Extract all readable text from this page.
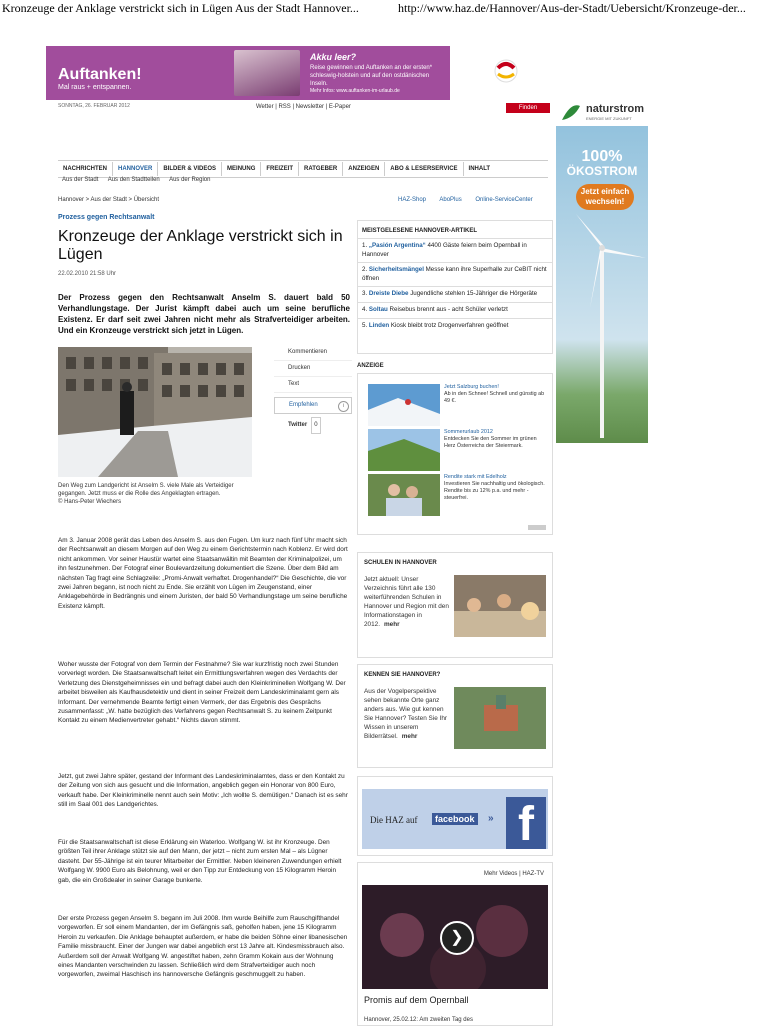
Kronzeuge der Anklage verstrickt sich in Lügen Aus der Stadt Hannover...	http://www.haz.de/Hannover/Aus-der-Stadt/Uebersicht/Kronzeuge-der...
Auftanken!
Mal raus + entspannen.
Akku leer?
Reise gewinnen und Auftanken an der ersten* schleswig-holstein und auf den ostdänischen Inseln.
Mehr Infos: www.auftanken-im-urlaub.de
SONNTAG, 26. FEBRUAR 2012	Wetter | RSS | Newsletter | E-Paper	Finden
NACHRICHTEN	HANNOVER	BILDER & VIDEOS	MEINUNG	FREIZEIT	RATGEBER	ANZEIGEN	ABO & LESERSERVICE	INHALT
Aus der Stadt Aus den Stadtteilen Aus der Region
Hannover > Aus der Stadt > Übersicht	HAZ-Shop AboPlus Online-ServiceCenter
Prozess gegen Rechtsanwalt
Kronzeuge der Anklage verstrickt sich in Lügen
22.02.2010 21:58 Uhr
Der Prozess gegen den Rechtsanwalt Anselm S. dauert bald 50 Verhandlungstage. Der Jurist kämpft dabei auch um seine berufliche Existenz. Er darf seit zwei Jahren nicht mehr als Strafverteidiger arbeiten. Und ein Kronzeuge verstrickt sich jetzt in Lügen.
Den Weg zum Landgericht ist Anselm S. viele Male als Verteidiger gegangen. Jetzt muss er die Rolle des Angeklagten ertragen.
© Hans-Peter Wiechers
Kommentieren
Drucken
Text
Empfehlen	i
Twitter 0
Am 3. Januar 2008 gerät das Leben des Anselm S. aus den Fugen. Um kurz nach fünf Uhr macht sich der Rechtsanwalt an diesem Morgen auf den Weg zu einem Gerichtstermin nach Koblenz. Er wird dort nicht ankommen. Vor seiner Haustür wartet eine Staatsanwältin mit Beamten der Kriminalpolizei, um ihn festzunehmen. Der Fotograf einer Boulevardzeitung dokumentiert die Szene. Über dem Bild am nächsten Tag fragt eine Schlagzeile: „Promi-Anwalt verhaftet. Drogenhandel?“ Die Geschichte, die vor zwei Jahren begann, ist noch nicht zu Ende. Sie erzählt von Lügen im Zeugenstand, einer Anklagebehörde in Bedrängnis und einem Juristen, der bald 50 Verhandlungstage um seine berufliche Existenz kämpft.
Woher wusste der Fotograf von dem Termin der Festnahme? Sie war kurzfristig noch zwei Stunden vorverlegt worden. Die Staatsanwaltschaft leitet ein Ermittlungsverfahren wegen des Verdachts der Verletzung des Dienstgeheimnisses ein und befragt dabei auch den Kleinkriminellen Wolfgang W. Der arbeitet bisweilen als Kaufhausdetektiv und dient in seiner Freizeit dem Landeskriminalamt gern als Informant. Der vernehmende Beamte fertigt einen Vermerk, der das Ergebnis des Gesprächs zusammenfasst: „W. hatte bezüglich des Verfahrens gegen Rechtsanwalt S. zu keinem Zeitpunkt Kontakt zu einem Medienvertreter gehabt.“ Nichts davon stimmt.
Jetzt, gut zwei Jahre später, gestand der Informant des Landeskriminalamtes, dass er den Kontakt zu der Zeitung von sich aus gesucht und die Information, angeblich gegen ein Honorar von 800 Euro, verkauft habe. Der Kleinkriminelle nennt auch sein Motiv: „Ich wollte S. demütigen.“ Danach ist es sehr still im Saal 001 des Landgerichtes.
Für die Staatsanwaltschaft ist diese Erklärung ein Waterloo. Wolfgang W. ist ihr Kronzeuge. Den größten Teil ihrer Anklage stützt sie auf den Mann, der jetzt – nicht zum ersten Mal – als Lügner dasteht. Der 55-Jährige ist ein teurer Mitarbeiter der Ermittler. Neben kleineren Zuwendungen erhielt Wolfgang W. 9900 Euro als Belohnung, weil er den Tipp zur Entdeckung von 15 Kilogramm Heroin gab, die ein Großdealer in seiner Garage bunkerte.
Der erste Prozess gegen Anselm S. begann im Juli 2008. Ihm wurde Beihilfe zum Rauschgifthandel vorgeworfen. Er soll einem Mandanten, der im Gefängnis saß, geholfen haben, jene 15 Kilogramm Heroin zu verkaufen. Die Anklage behauptet außerdem, er habe die beiden Söhne einer libanesischen Familie missbraucht. Einer der Jungen war dabei angeblich erst 13 Jahre alt. Kindesmissbrauch also. Außerdem soll der Anwalt Wolfgang W. angestiftet haben, zehn Gramm Kokain aus der Wohnung eines Mandanten verschwinden zu lassen. Schließlich wird dem Strafverteidiger auch noch vorgeworfen, zweimal Haschisch ins hannoversche Gefängnis geschmuggelt zu haben.
MEISTGELESENE HANNOVER-ARTIKEL
1. „Pasión Argentina“ 4400 Gäste feiern beim Opernball in Hannover
2. Sicherheitsmängel Messe kann ihre Superhalle zur CeBIT nicht öffnen
3. Dreiste Diebe Jugendliche stehlen 15-Jähriger die Hörgeräte
4. Soltau Reisebus brennt aus - acht Schüler verletzt
5. Linden Kiosk bleibt trotz Drogenverfahren geöffnet
ANZEIGE
Jetzt Salzburg buchen!
Ab in den Schnee! Schnell und günstig ab 49 €.
Sommerurlaub 2012
Entdecken Sie den Sommer im grünen Herz Österreichs der Steiermark.
Rendite stark mit Edelholz
Investieren Sie nachhaltig und ökologisch. Rendite bis zu 12% p.a. und mehr - steuerfrei.
SCHULEN IN HANNOVER
Jetzt aktuell: Unser Verzeichnis führt alle 130 weiterführenden Schulen in Hannover und Region mit den Informationstagen in 2012. mehr
KENNEN SIE HANNOVER?
Aus der Vogelperspektive sehen bekannte Orte ganz anders aus. Wie gut kennen Sie Hannover? Testen Sie Ihr Wissen in unserem Bilderrätsel. mehr
Die HAZ auf	facebook	» f
Mehr Videos | HAZ-TV
❯
Promis auf dem Opernball
Hannover, 25.02.12: Am zweiten Tag des
naturstrom
ENERGIE MIT ZUKUNFT
100%
ÖKOSTROM
Jetzt einfach wechseln!
